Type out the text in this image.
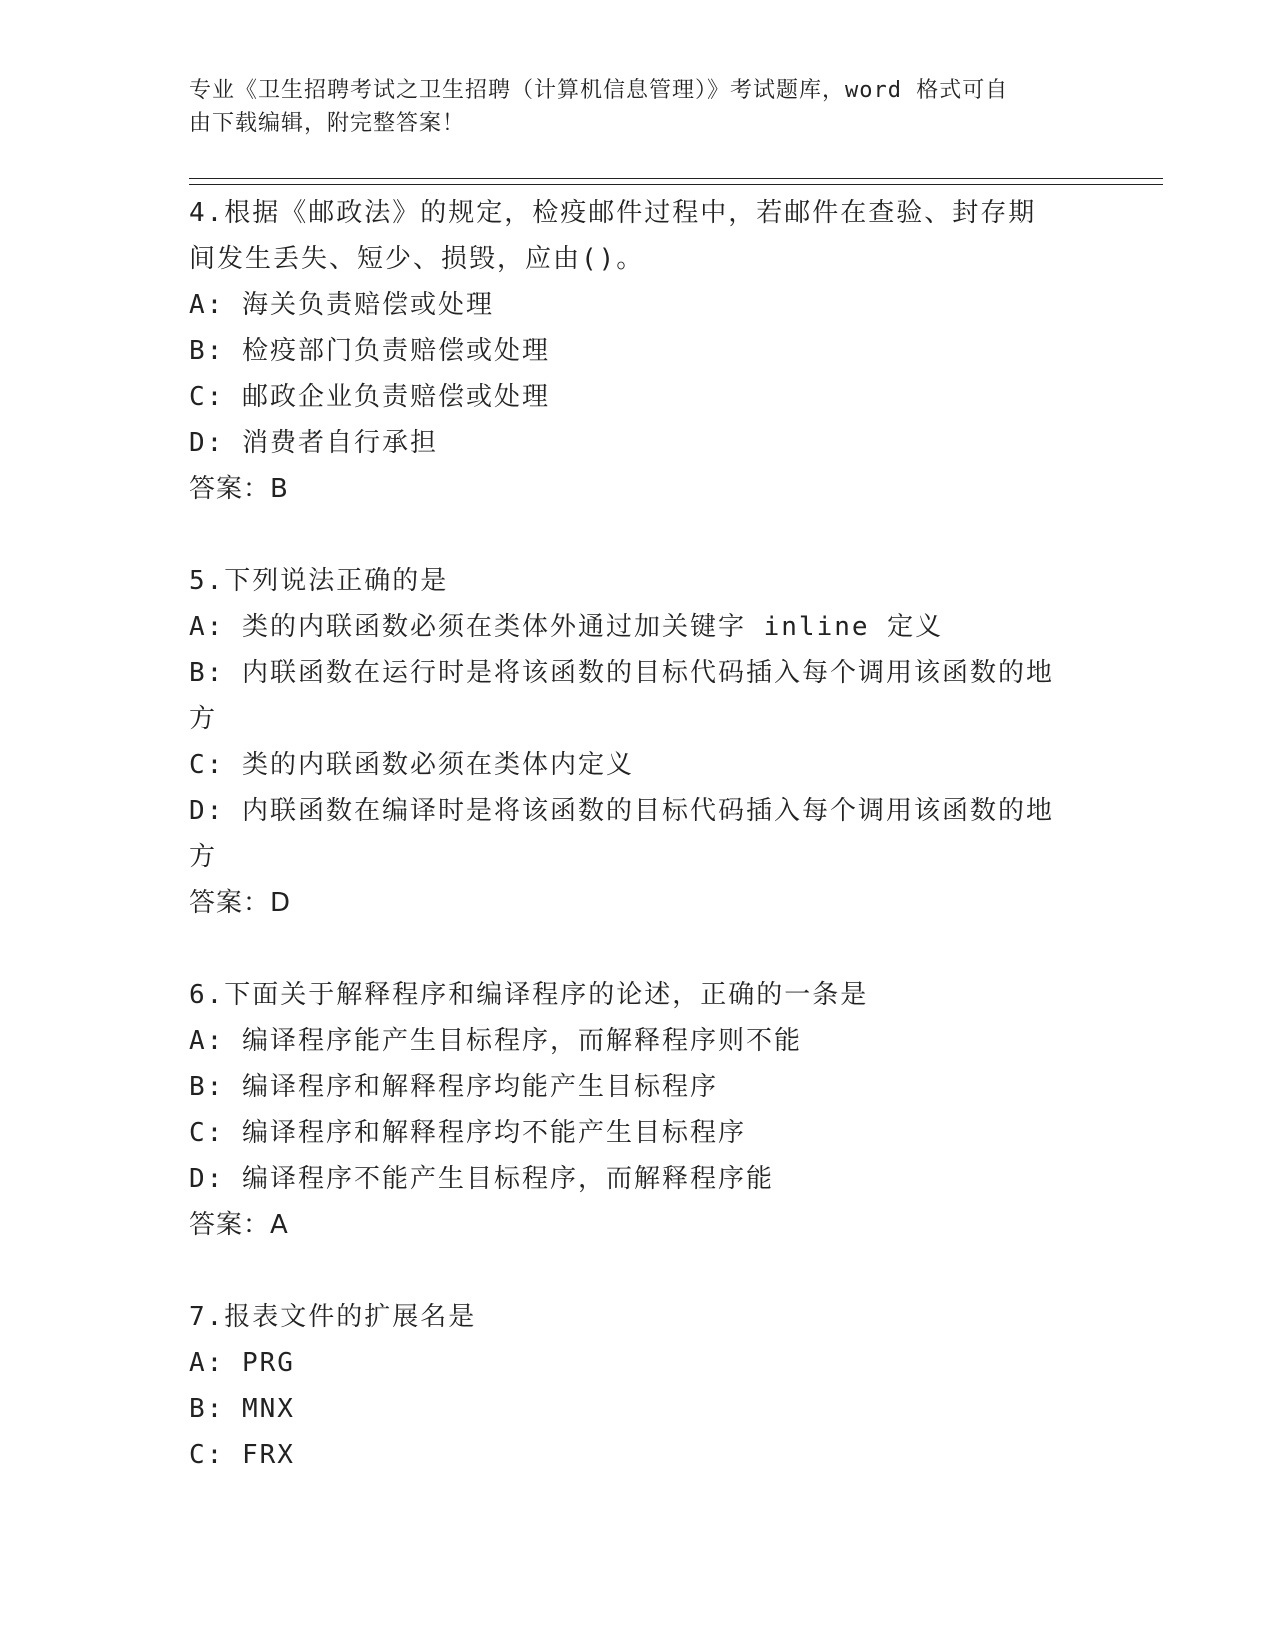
专业《卫生招聘考试之卫生招聘（计算机信息管理）》考试题库，word 格式可自
由下载编辑，附完整答案！
4.根据《邮政法》的规定，检疫邮件过程中，若邮件在查验、封存期
间发生丢失、短少、损毁，应由()。
A: 海关负责赔偿或处理
B: 检疫部门负责赔偿或处理
C: 邮政企业负责赔偿或处理
D: 消费者自行承担
答案：B
5.下列说法正确的是
A: 类的内联函数必须在类体外通过加关键字 inline 定义
B: 内联函数在运行时是将该函数的目标代码插入每个调用该函数的地
方
C: 类的内联函数必须在类体内定义
D: 内联函数在编译时是将该函数的目标代码插入每个调用该函数的地
方
答案：D
6.下面关于解释程序和编译程序的论述，正确的一条是
A: 编译程序能产生目标程序，而解释程序则不能
B: 编译程序和解释程序均能产生目标程序
C: 编译程序和解释程序均不能产生目标程序
D: 编译程序不能产生目标程序，而解释程序能
答案：A
7.报表文件的扩展名是
A: PRG
B: MNX
C: FRX
